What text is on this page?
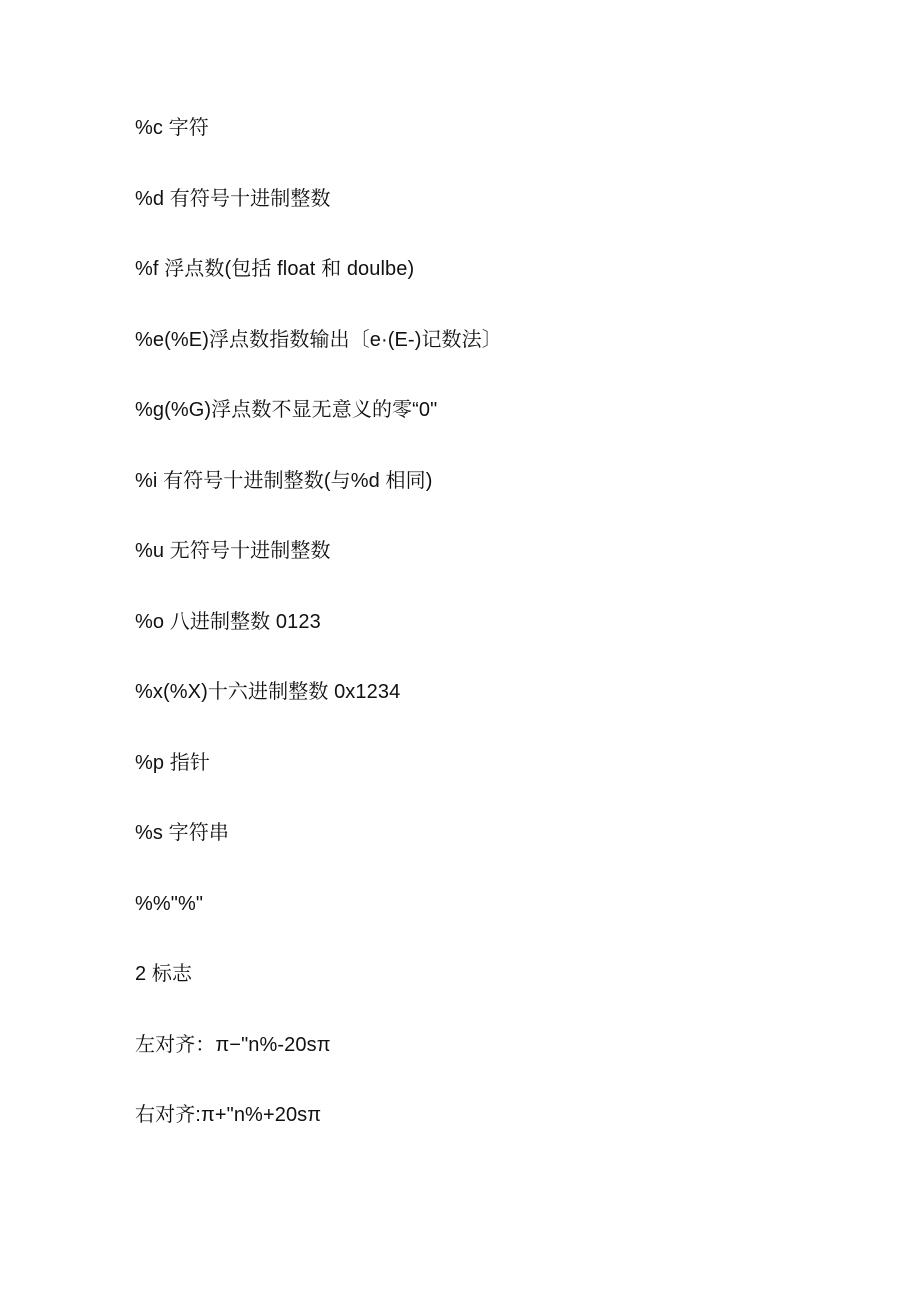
%c 字符
%d 有符号十进制整数
%f 浮点数(包括 float 和 doulbe)
%e(%E)浮点数指数输出〔e·(E-)记数法〕
%g(%G)浮点数不显无意义的零“0"
%i 有符号十进制整数(与%d 相同)
%u 无符号十进制整数
%o 八进制整数 0123
%x(%X)十六进制整数 0x1234
%p 指针
%s 字符串
%%"%"
2 标志
左对齐：π−"n%-20sπ
右对齐:π+"n%+20sπ
